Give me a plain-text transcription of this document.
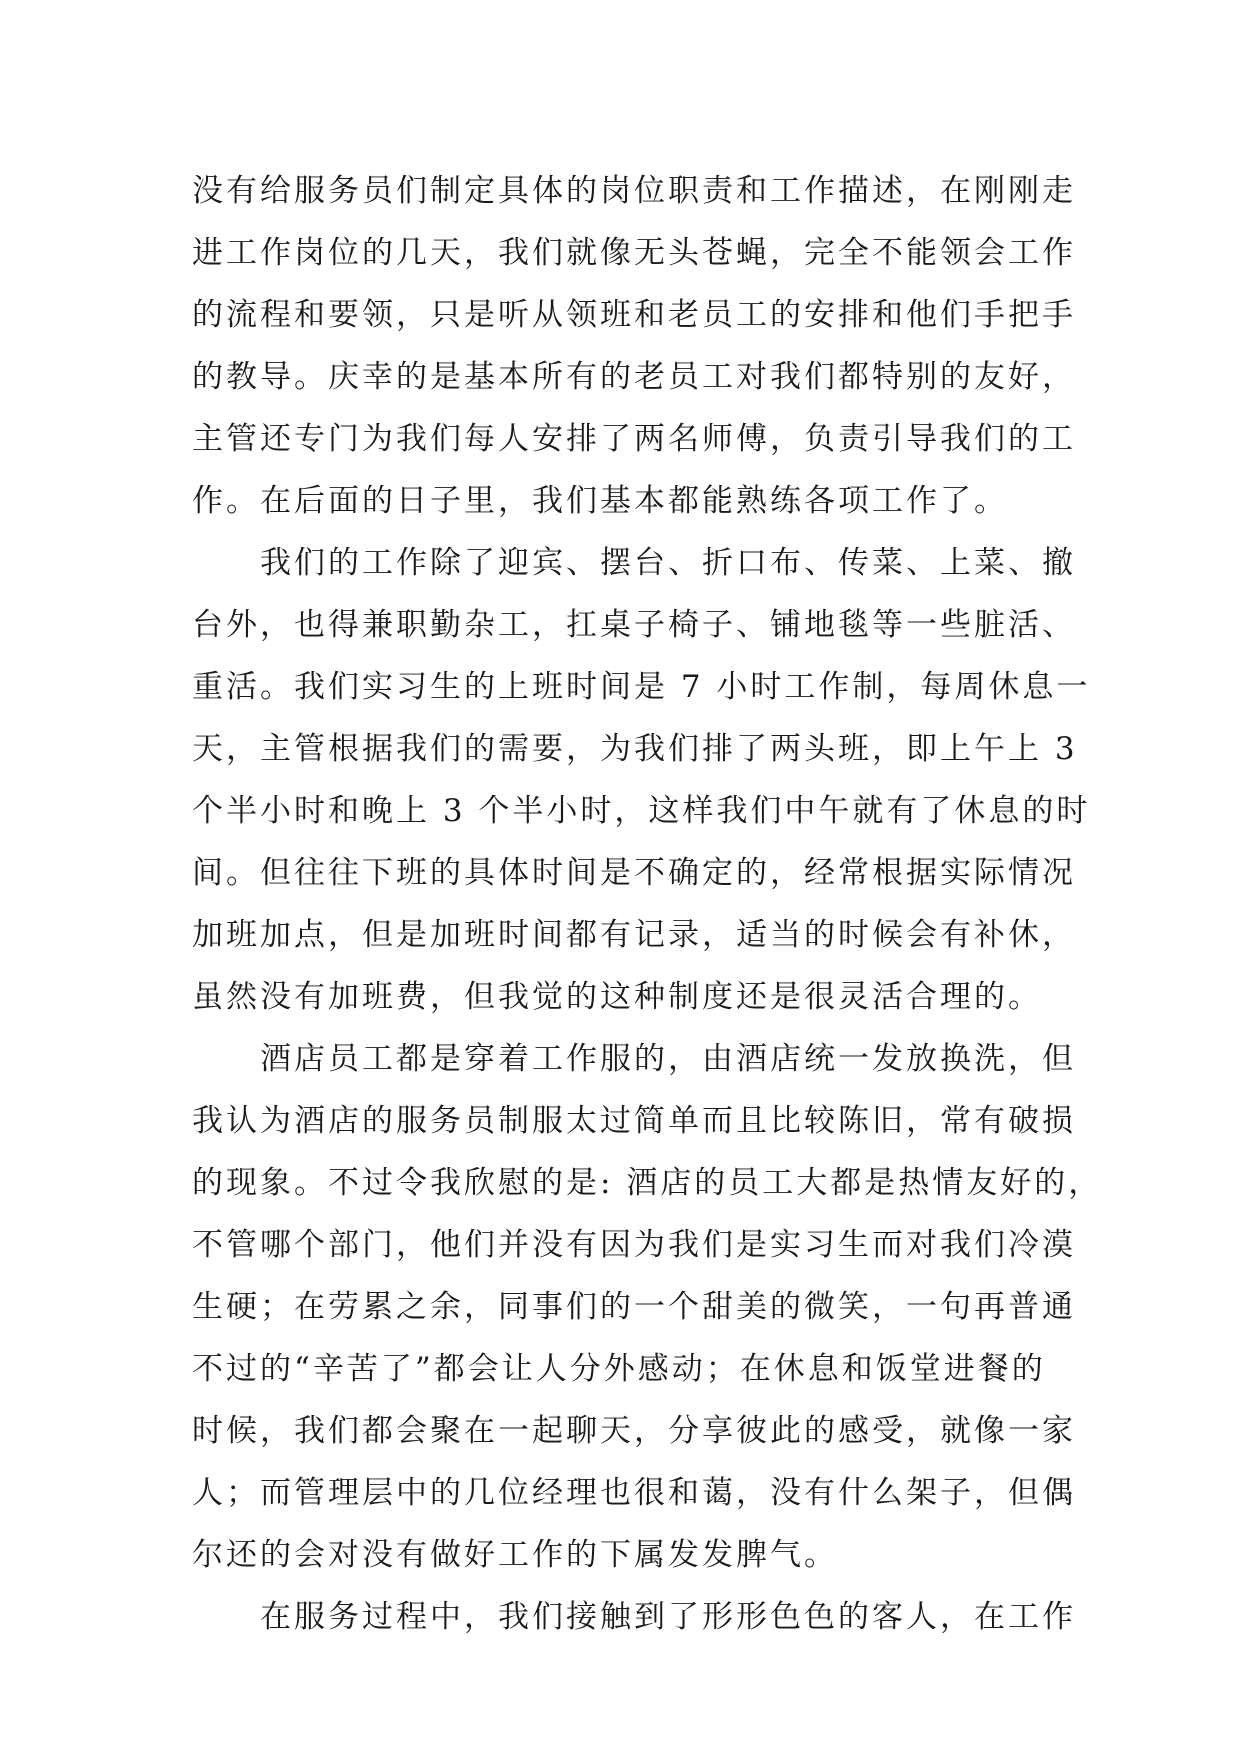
没有给服务员们制定具体的岗位职责和工作描述，在刚刚走
进工作岗位的几天，我们就像无头苍蝇，完全不能领会工作
的流程和要领，只是听从领班和老员工的安排和他们手把手
的教导。庆幸的是基本所有的老员工对我们都特别的友好，
主管还专门为我们每人安排了两名师傅，负责引导我们的工
作。在后面的日子里，我们基本都能熟练各项工作了。
　　我们的工作除了迎宾、摆台、折口布、传菜、上菜、撤
台外，也得兼职勤杂工，扛桌子椅子、铺地毯等一些脏活、
重活。我们实习生的上班时间是 7 小时工作制，每周休息一
天，主管根据我们的需要，为我们排了两头班，即上午上 3
个半小时和晚上 3 个半小时，这样我们中午就有了休息的时
间。但往往下班的具体时间是不确定的，经常根据实际情况
加班加点，但是加班时间都有记录，适当的时候会有补休，
虽然没有加班费，但我觉的这种制度还是很灵活合理的。
　　酒店员工都是穿着工作服的，由酒店统一发放换洗，但
我认为酒店的服务员制服太过简单而且比较陈旧，常有破损
的现象。不过令我欣慰的是: 酒店的员工大都是热情友好的，
不管哪个部门，他们并没有因为我们是实习生而对我们冷漠
生硬；在劳累之余，同事们的一个甜美的微笑，一句再普通
不过的“辛苦了”都会让人分外感动；在休息和饭堂进餐的
时候，我们都会聚在一起聊天，分享彼此的感受，就像一家
人；而管理层中的几位经理也很和蔼，没有什么架子，但偶
尔还的会对没有做好工作的下属发发脾气。
　　在服务过程中，我们接触到了形形色色的客人，在工作
